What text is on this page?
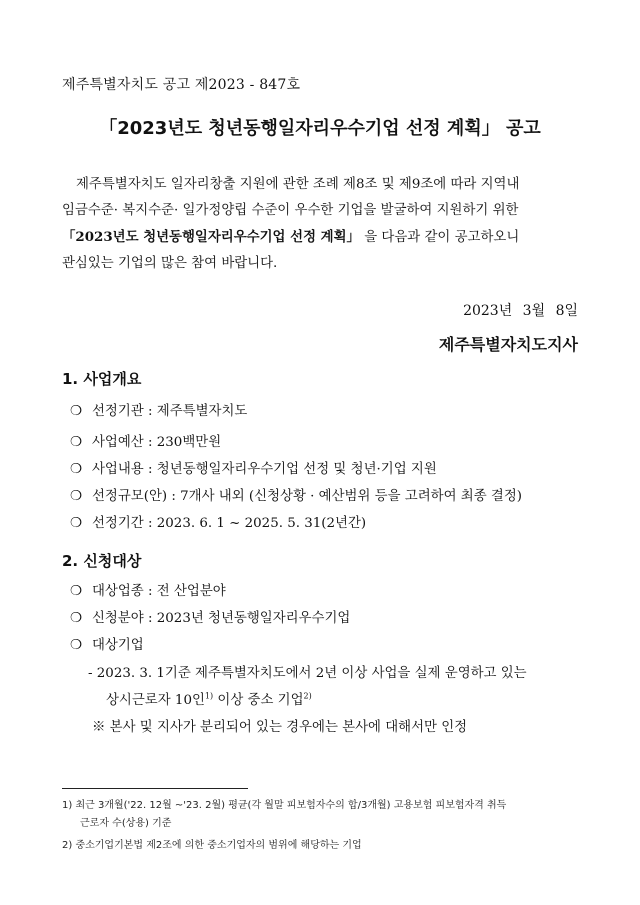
제주특별자치도 공고 제2023 - 847호
「2023년도 청년동행일자리우수기업 선정 계획」 공고

제주특별자치도 일자리창출 지원에 관한 조례 제8조 및 제9조에 따라 지역내

임금수준· 복지수준· 일가정양립 수준이 우수한 기업을 발굴하여 지원하기 위한

「2023년도 청년동행일자리우수기업 선정 계획」 을 다음과 같이 공고하오니

관심있는 기업의 많은 참여 바랍니다.

2023년 3월 8일
제주특별자치도지사
1. 사업개요
❍ 선정기관 : 제주특별자치도
❍ 사업예산 : 230백만원
❍ 사업내용 : 청년동행일자리우수기업 선정 및 청년·기업 지원
❍ 선정규모(안) : 7개사 내외 (신청상황 · 예산범위 등을 고려하여 최종 결정)
❍ 선정기간 : 2023. 6. 1 ~ 2025. 5. 31(2년간)
2. 신청대상
❍ 대상업종 : 전 산업분야
❍ 신청분야 : 2023년 청년동행일자리우수기업
❍ 대상기업
- 2023. 3. 1기준 제주특별자치도에서 2년 이상 사업을 실제 운영하고 있는
상시근로자 10인$^{1)}$ 이상 중소 기업$^{2)}$
※ 본사 및 지사가 분리되어 있는 경우에는 본사에 대해서만 인정
1) 최근 3개월('22. 12월 ~'23. 2월) 평균(각 월말 피보험자수의 합/3개월) 고용보험 피보험자격 취득
근로자 수(상용) 기준
2) 중소기업기본법 제2조에 의한 중소기업자의 범위에 해당하는 기업
